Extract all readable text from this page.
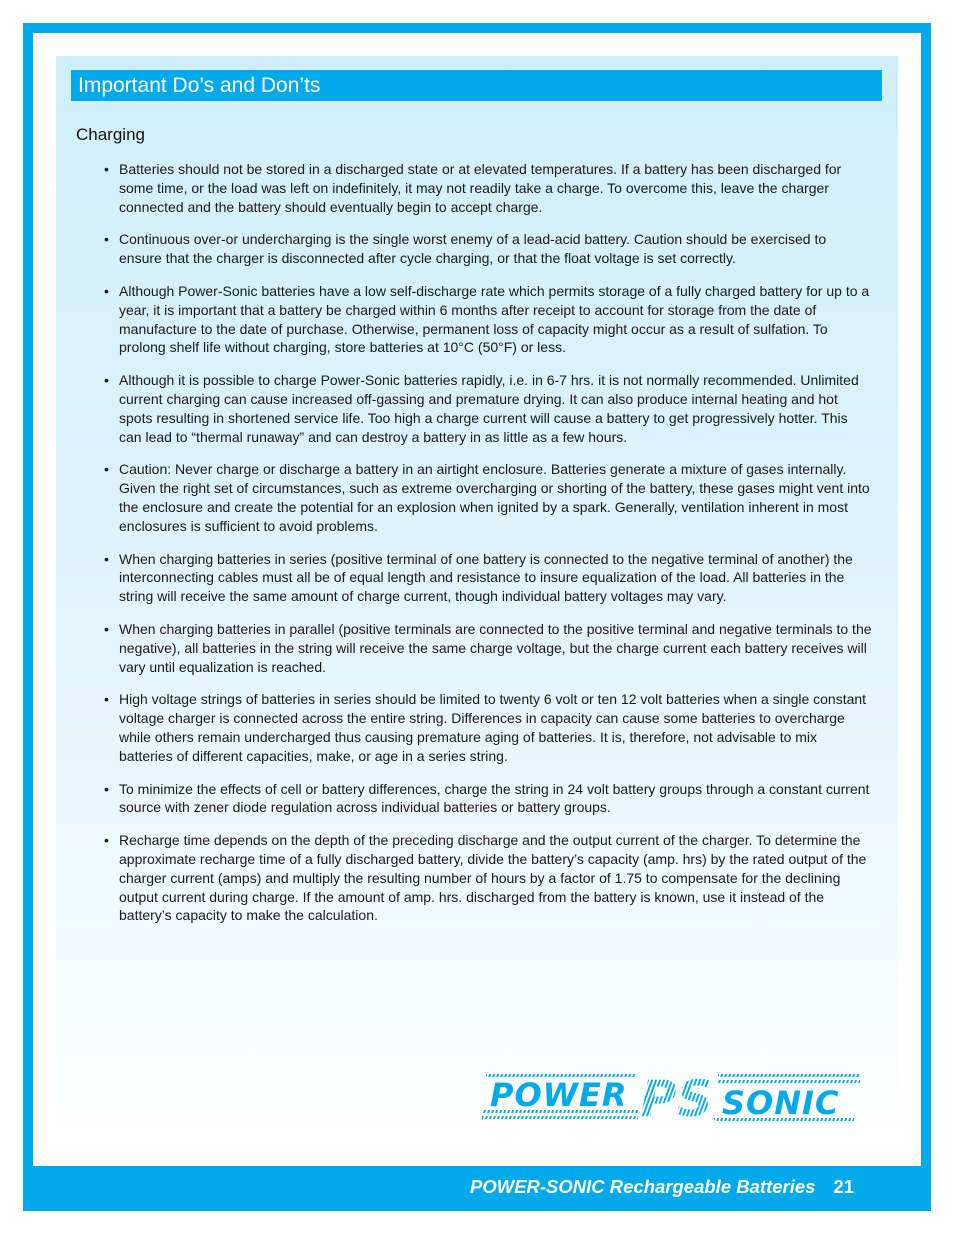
Important Do’s and Don’ts
Charging
• Batteries should not be stored in a discharged state or at elevated temperatures. If a battery has been discharged for some time, or the load was left on indefinitely, it may not readily take a charge. To overcome this, leave the charger connected and the battery should eventually begin to accept charge.
• Continuous over-or undercharging is the single worst enemy of a lead-acid battery. Caution should be exercised to ensure that the charger is disconnected after cycle charging, or that the float voltage is set correctly.
• Although Power-Sonic batteries have a low self-discharge rate which permits storage of a fully charged battery for up to a year, it is important that a battery be charged within 6 months after receipt to account for storage from the date of manufacture to the date of purchase. Otherwise, permanent loss of capacity might occur as a result of sulfation. To prolong shelf life without charging, store batteries at 10°C (50°F) or less.
• Although it is possible to charge Power-Sonic batteries rapidly, i.e. in 6-7 hrs. it is not normally recommended. Unlimited current charging can cause increased off-gassing and premature drying. It can also produce internal heating and hot spots resulting in shortened service life. Too high a charge current will cause a battery to get progressively hotter. This can lead to “thermal runaway” and can destroy a battery in as little as a few hours.
• Caution: Never charge or discharge a battery in an airtight enclosure. Batteries generate a mixture of gases internally. Given the right set of circumstances, such as extreme overcharging or shorting of the battery, these gases might vent into the enclosure and create the potential for an explosion when ignited by a spark. Generally, ventilation inherent in most enclosures is sufficient to avoid problems.
• When charging batteries in series (positive terminal of one battery is connected to the negative terminal of another) the interconnecting cables must all be of equal length and resistance to insure equalization of the load. All batteries in the string will receive the same amount of charge current, though individual battery voltages may vary.
• When charging batteries in parallel (positive terminals are connected to the positive terminal and negative terminals to the negative), all batteries in the string will receive the same charge voltage, but the charge current each battery receives will vary until equalization is reached.
• High voltage strings of batteries in series should be limited to twenty 6 volt or ten 12 volt batteries when a single constant voltage charger is connected across the entire string. Differences in capacity can cause some batteries to overcharge while others remain undercharged thus causing premature aging of batteries. It is, therefore, not advisable to mix batteries of different capacities, make, or age in a series string.
• To minimize the effects of cell or battery differences, charge the string in 24 volt battery groups through a constant current source with zener diode regulation across individual batteries or battery groups.
• Recharge time depends on the depth of the preceding discharge and the output current of the charger. To determine the approximate recharge time of a fully discharged battery, divide the battery’s capacity (amp. hrs) by the rated output of the charger current (amps) and multiply the resulting number of hours by a factor of 1.75 to compensate for the declining output current during charge. If the amount of amp. hrs. discharged from the battery is known, use it instead of the battery’s capacity to make the calculation.
PS
POWER	SONIC
POWER-SONIC Rechargeable Batteries 21
